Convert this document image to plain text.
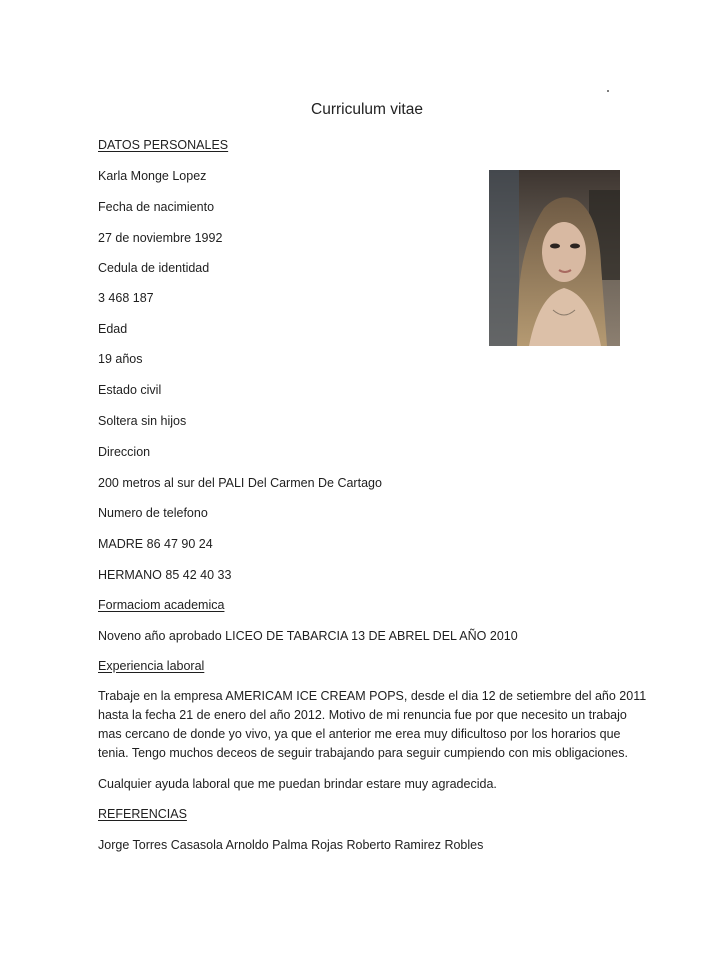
Curriculum vitae
DATOS PERSONALES
Karla Monge Lopez
Fecha de nacimiento
27 de noviembre 1992
Cedula de identidad
3 468 187
Edad
19 años
Estado civil
Soltera sin hijos
Direccion
200 metros al sur del PALI Del Carmen De Cartago
Numero de telefono
MADRE 86 47 90 24
HERMANO 85 42 40 33
Formaciom academica
Noveno año aprobado LICEO DE TABARCIA 13 DE ABREL DEL AÑO 2010
Experiencia laboral
Trabaje en la empresa AMERICAM ICE CREAM POPS, desde el dia 12 de setiembre del año 2011
hasta la fecha 21 de enero del año 2012. Motivo de mi renuncia fue por que necesito un trabajo
mas cercano de donde yo vivo, ya que el anterior me erea muy dificultoso por los horarios que
tenia. Tengo muchos deceos de seguir trabajando para seguir cumpiendo con mis obligaciones.
Cualquier ayuda laboral que me puedan brindar estare muy agradecida.
REFERENCIAS
Jorge Torres Casasola Arnoldo Palma Rojas Roberto Ramirez Robles
